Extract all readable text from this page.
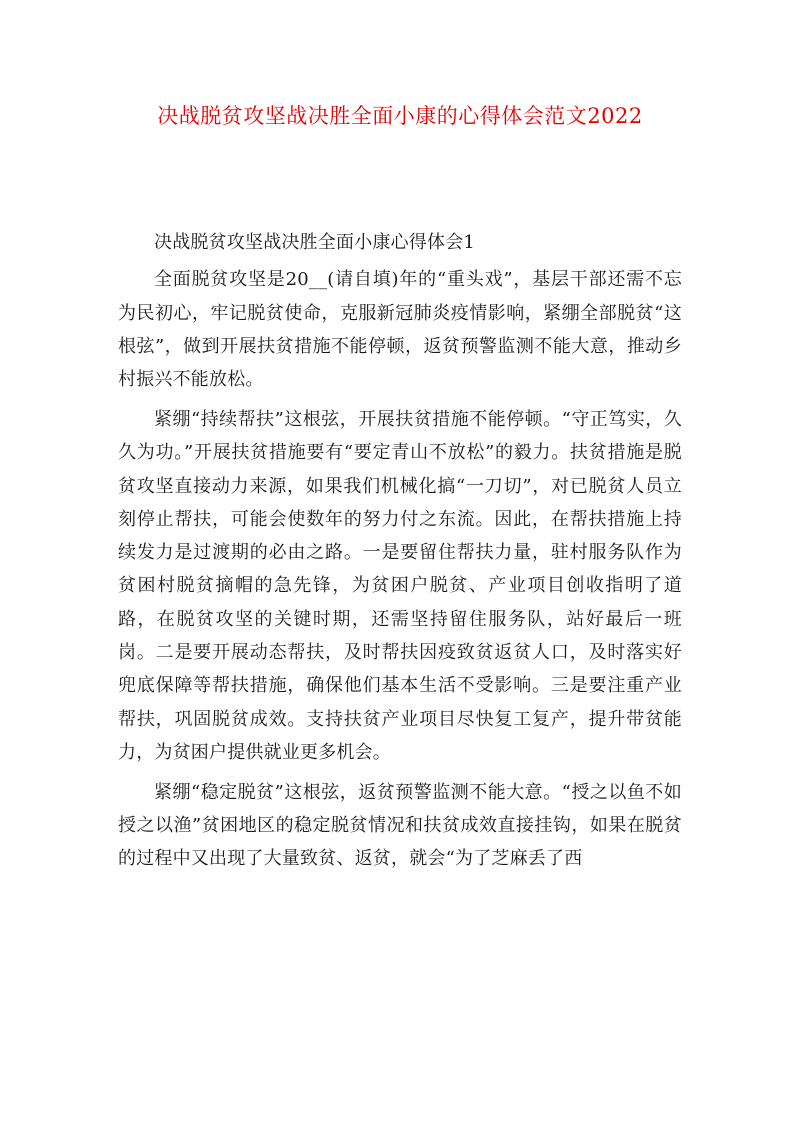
决战脱贫攻坚战决胜全面小康的心得体会范文2022

决战脱贫攻坚战决胜全面小康心得体会1

全面脱贫攻坚是20__(请自填)年的“重头戏”，基层干部还需不忘为民初心，牢记脱贫使命，克服新冠肺炎疫情影响，紧绷全部脱贫“这根弦”，做到开展扶贫措施不能停顿，返贫预警监测不能大意，推动乡村振兴不能放松。

紧绷“持续帮扶”这根弦，开展扶贫措施不能停顿。“守正笃实，久久为功。”开展扶贫措施要有“要定青山不放松”的毅力。扶贫措施是脱贫攻坚直接动力来源，如果我们机械化搞“一刀切”，对已脱贫人员立刻停止帮扶，可能会使数年的努力付之东流。因此，在帮扶措施上持续发力是过渡期的必由之路。一是要留住帮扶力量，驻村服务队作为贫困村脱贫摘帽的急先锋，为贫困户脱贫、产业项目创收指明了道路，在脱贫攻坚的关键时期，还需坚持留住服务队，站好最后一班岗。二是要开展动态帮扶，及时帮扶因疫致贫返贫人口，及时落实好兜底保障等帮扶措施，确保他们基本生活不受影响。三是要注重产业帮扶，巩固脱贫成效。支持扶贫产业项目尽快复工复产，提升带贫能力，为贫困户提供就业更多机会。

紧绷“稳定脱贫”这根弦，返贫预警监测不能大意。“授之以鱼不如授之以渔”贫困地区的稳定脱贫情况和扶贫成效直接挂钩，如果在脱贫的过程中又出现了大量致贫、返贫，就会“为了芝麻丢了西
